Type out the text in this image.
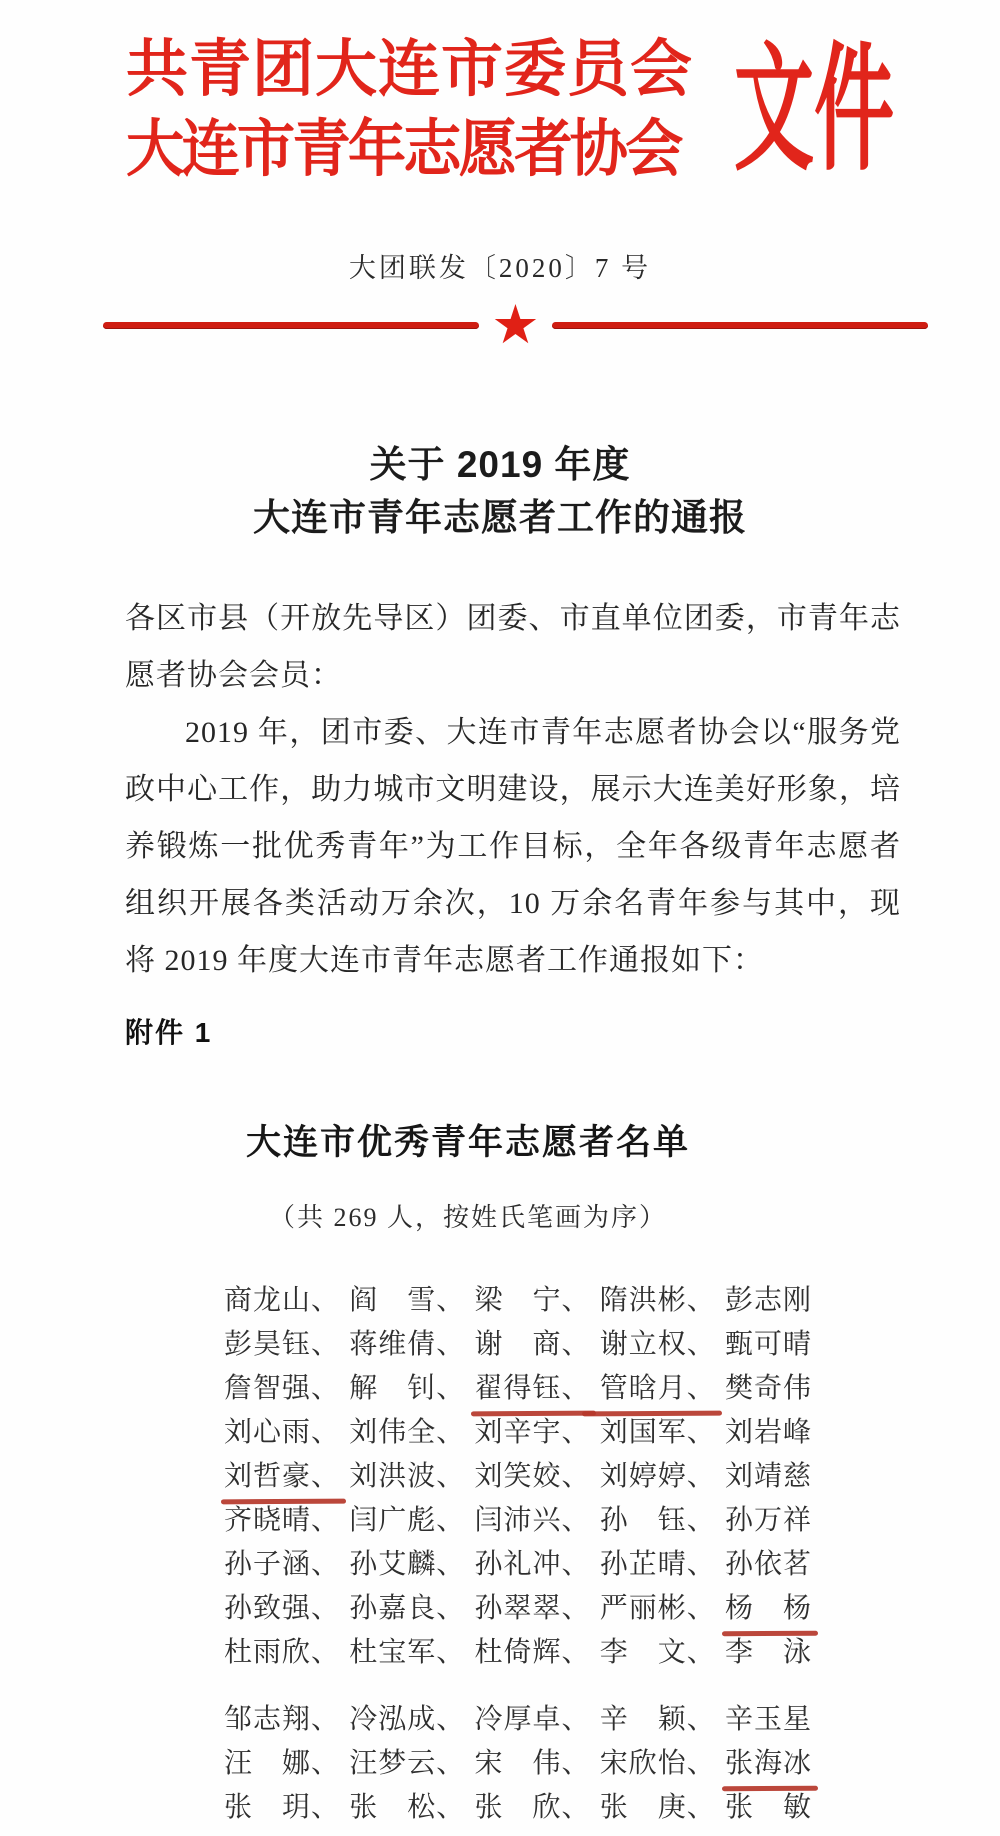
共青团大连市委员会
大连市青年志愿者协会 文件
大团联发〔2020〕7 号
★
关于 2019 年度
大连市青年志愿者工作的通报

各区市县（开放先导区）团委、市直单位团委，市青年志愿者协会会员：

2019 年，团市委、大连市青年志愿者协会以“服务党政中心工作，助力城市文明建设，展示大连美好形象，培养锻炼一批优秀青年”为工作目标，全年各级青年志愿者组织开展各类活动万余次，10 万余名青年参与其中，现将 2019 年度大连市青年志愿者工作通报如下：

附件 1
大连市优秀青年志愿者名单
（共 269 人，按姓氏笔画为序）
商龙山、 阎　雪、 梁　宁、 隋洪彬、 彭志刚
彭昊钰、 蒋维倩、 谢　商、 谢立权、 甄可晴
詹智强、 解　钊、 翟得钰、 管晗月、 樊奇伟
刘心雨、 刘伟全、 刘辛宇、 刘国军、 刘岩峰
刘哲豪、 刘洪波、 刘笑姣、 刘婷婷、 刘靖慈
齐晓晴、 闫广彪、 闫沛兴、 孙　钰、 孙万祥
孙子涵、 孙艾麟、 孙礼冲、 孙芷晴、 孙依茗
孙致强、 孙嘉良、 孙翠翠、 严丽彬、 杨　杨
杜雨欣、 杜宝军、 杜倚辉、 李　文、 李　泳
邹志翔、 冷泓成、 冷厚卓、 辛　颖、 辛玉星
汪　娜、 汪梦云、 宋　伟、 宋欣怡、 张海冰
张　玥、 张　松、 张　欣、 张　庚、 张　敏
